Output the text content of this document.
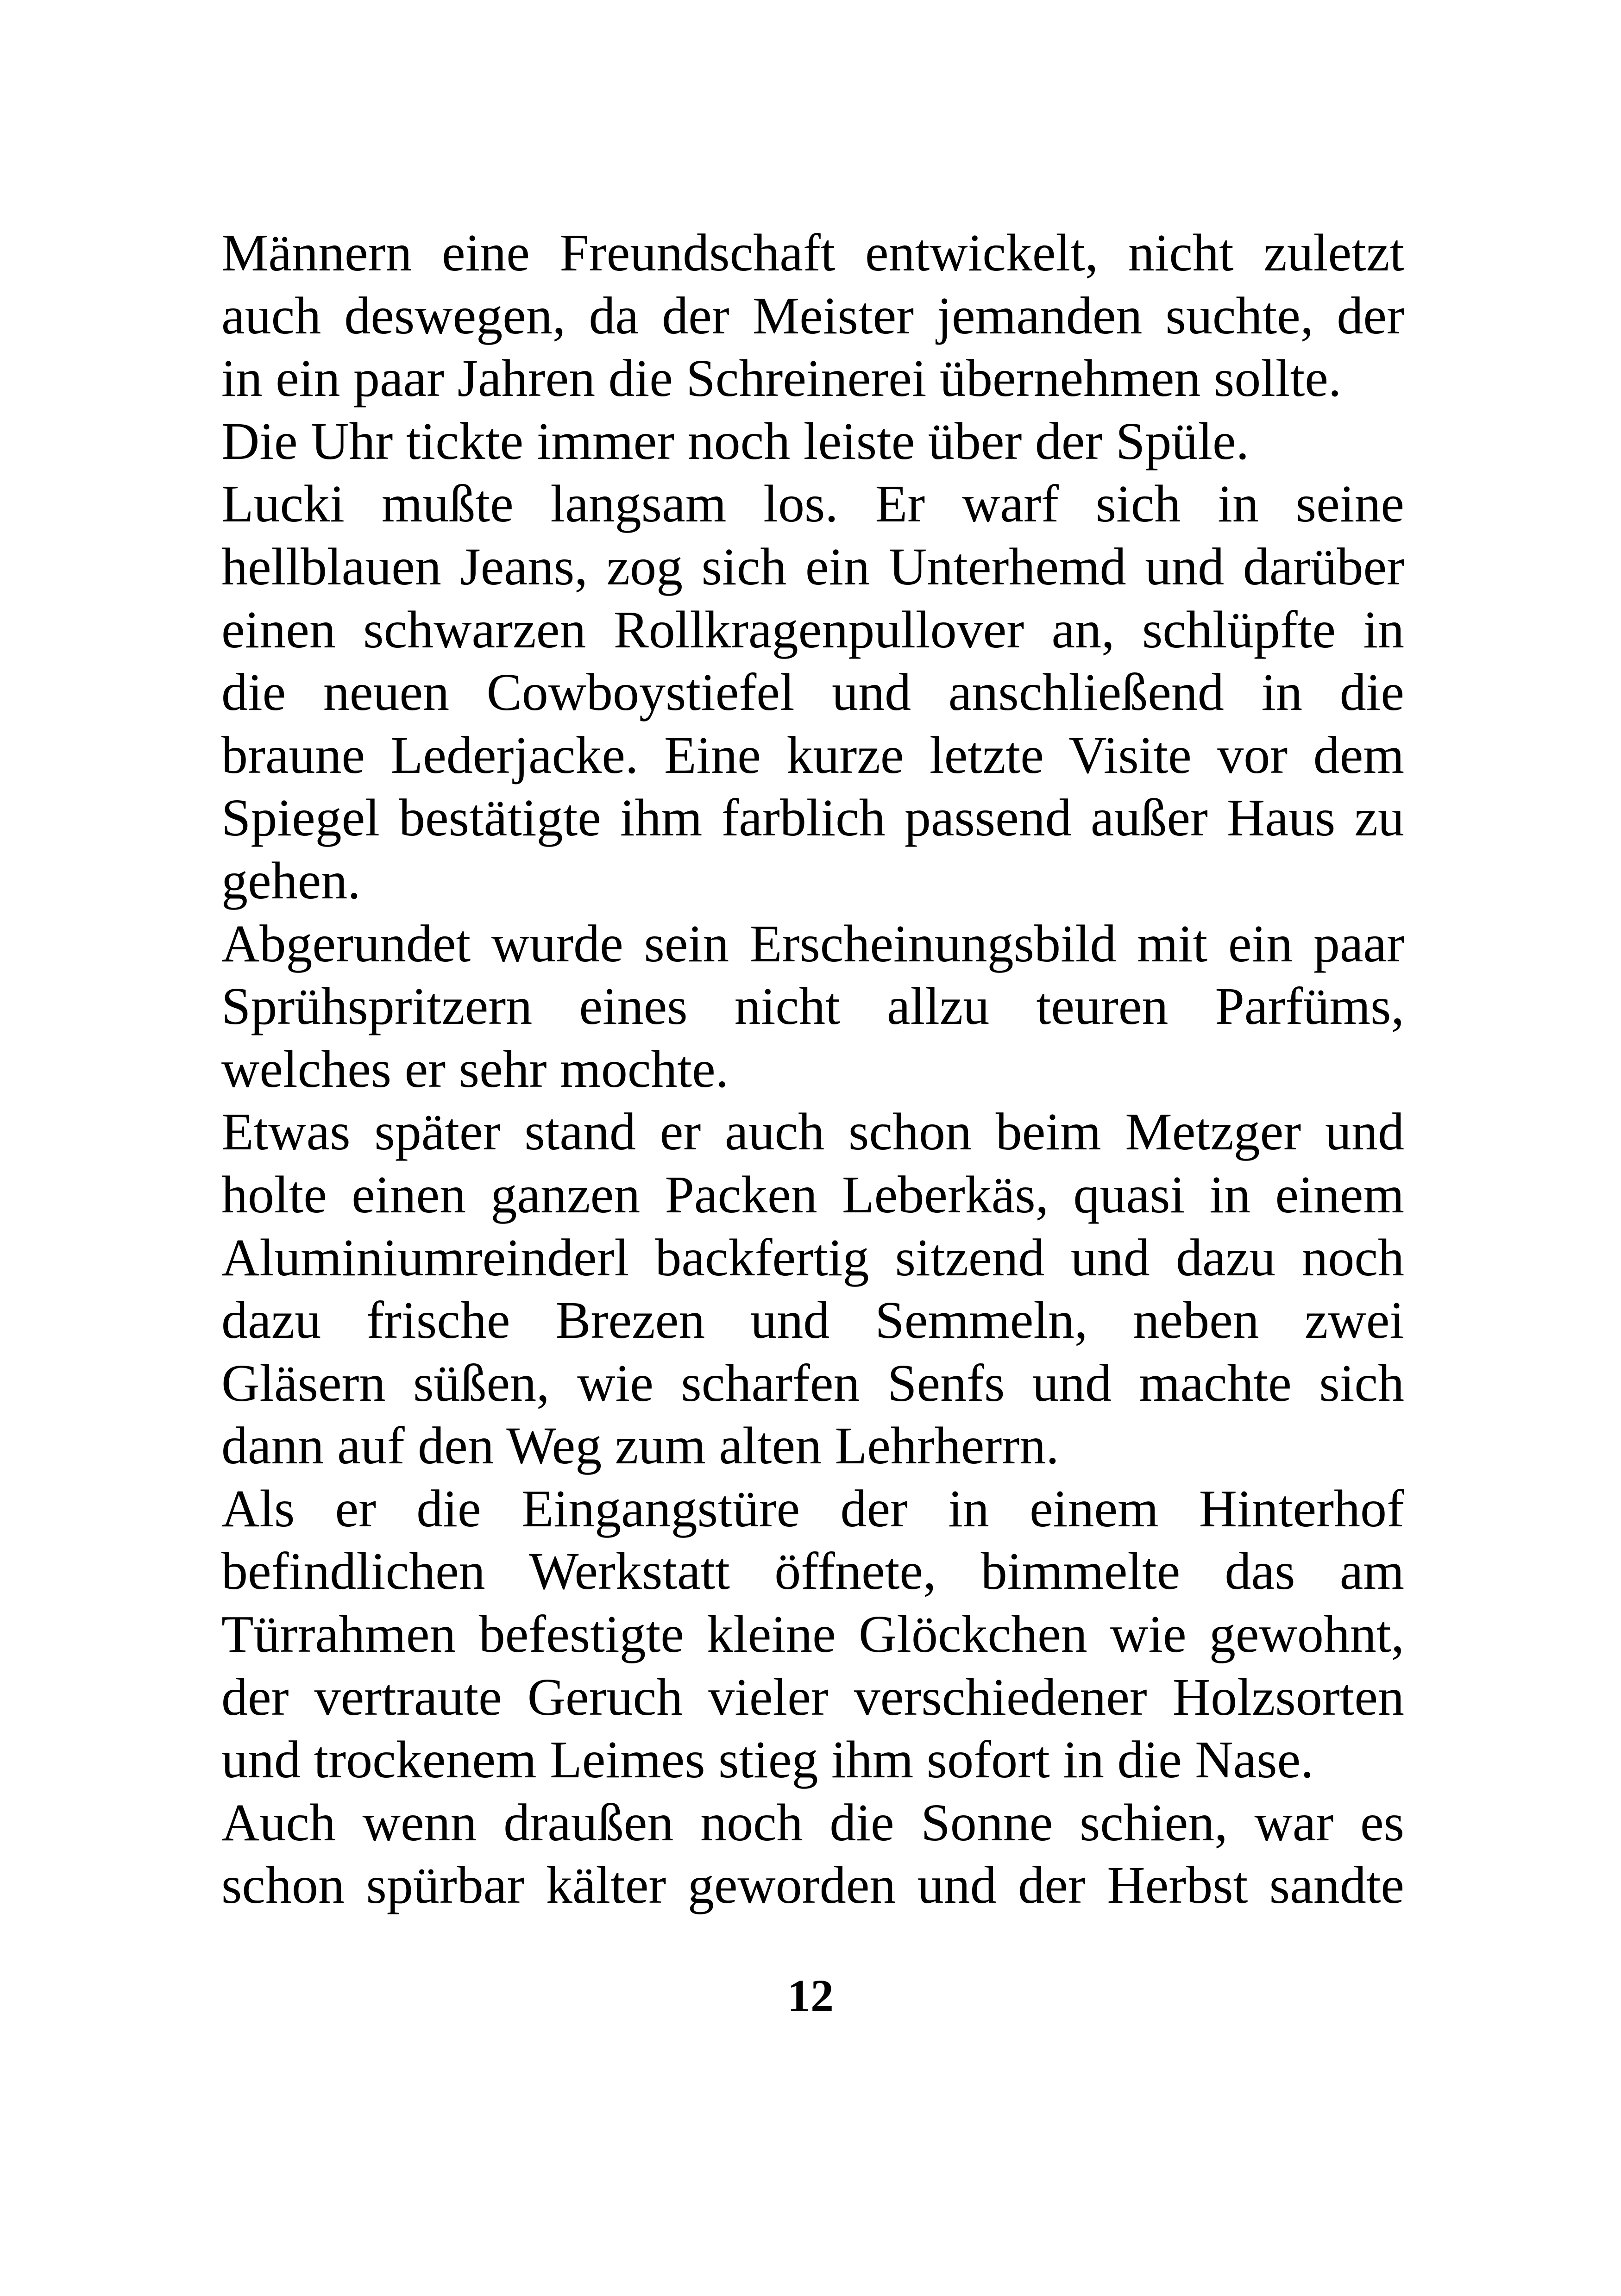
Männern eine Freundschaft entwickelt, nicht zuletzt
auch deswegen, da der Meister jemanden suchte, der
in ein paar Jahren die Schreinerei übernehmen sollte.
Die Uhr tickte immer noch leiste über der Spüle.
Lucki mußte langsam los. Er warf sich in seine
hellblauen Jeans, zog sich ein Unterhemd und darüber
einen schwarzen Rollkragenpullover an, schlüpfte in
die neuen Cowboystiefel und anschließend in die
braune Lederjacke. Eine kurze letzte Visite vor dem
Spiegel bestätigte ihm farblich passend außer Haus zu
gehen.
Abgerundet wurde sein Erscheinungsbild mit ein paar
Sprühspritzern eines nicht allzu teuren Parfüms,
welches er sehr mochte.
Etwas später stand er auch schon beim Metzger und
holte einen ganzen Packen Leberkäs, quasi in einem
Aluminiumreinderl backfertig sitzend und dazu noch
dazu frische Brezen und Semmeln, neben zwei
Gläsern süßen, wie scharfen Senfs und machte sich
dann auf den Weg zum alten Lehrherrn.
Als er die Eingangstüre der in einem Hinterhof
befindlichen Werkstatt öffnete, bimmelte das am
Türrahmen befestigte kleine Glöckchen wie gewohnt,
der vertraute Geruch vieler verschiedener Holzsorten
und trockenem Leimes stieg ihm sofort in die Nase.
Auch wenn draußen noch die Sonne schien, war es
schon spürbar kälter geworden und der Herbst sandte
12
